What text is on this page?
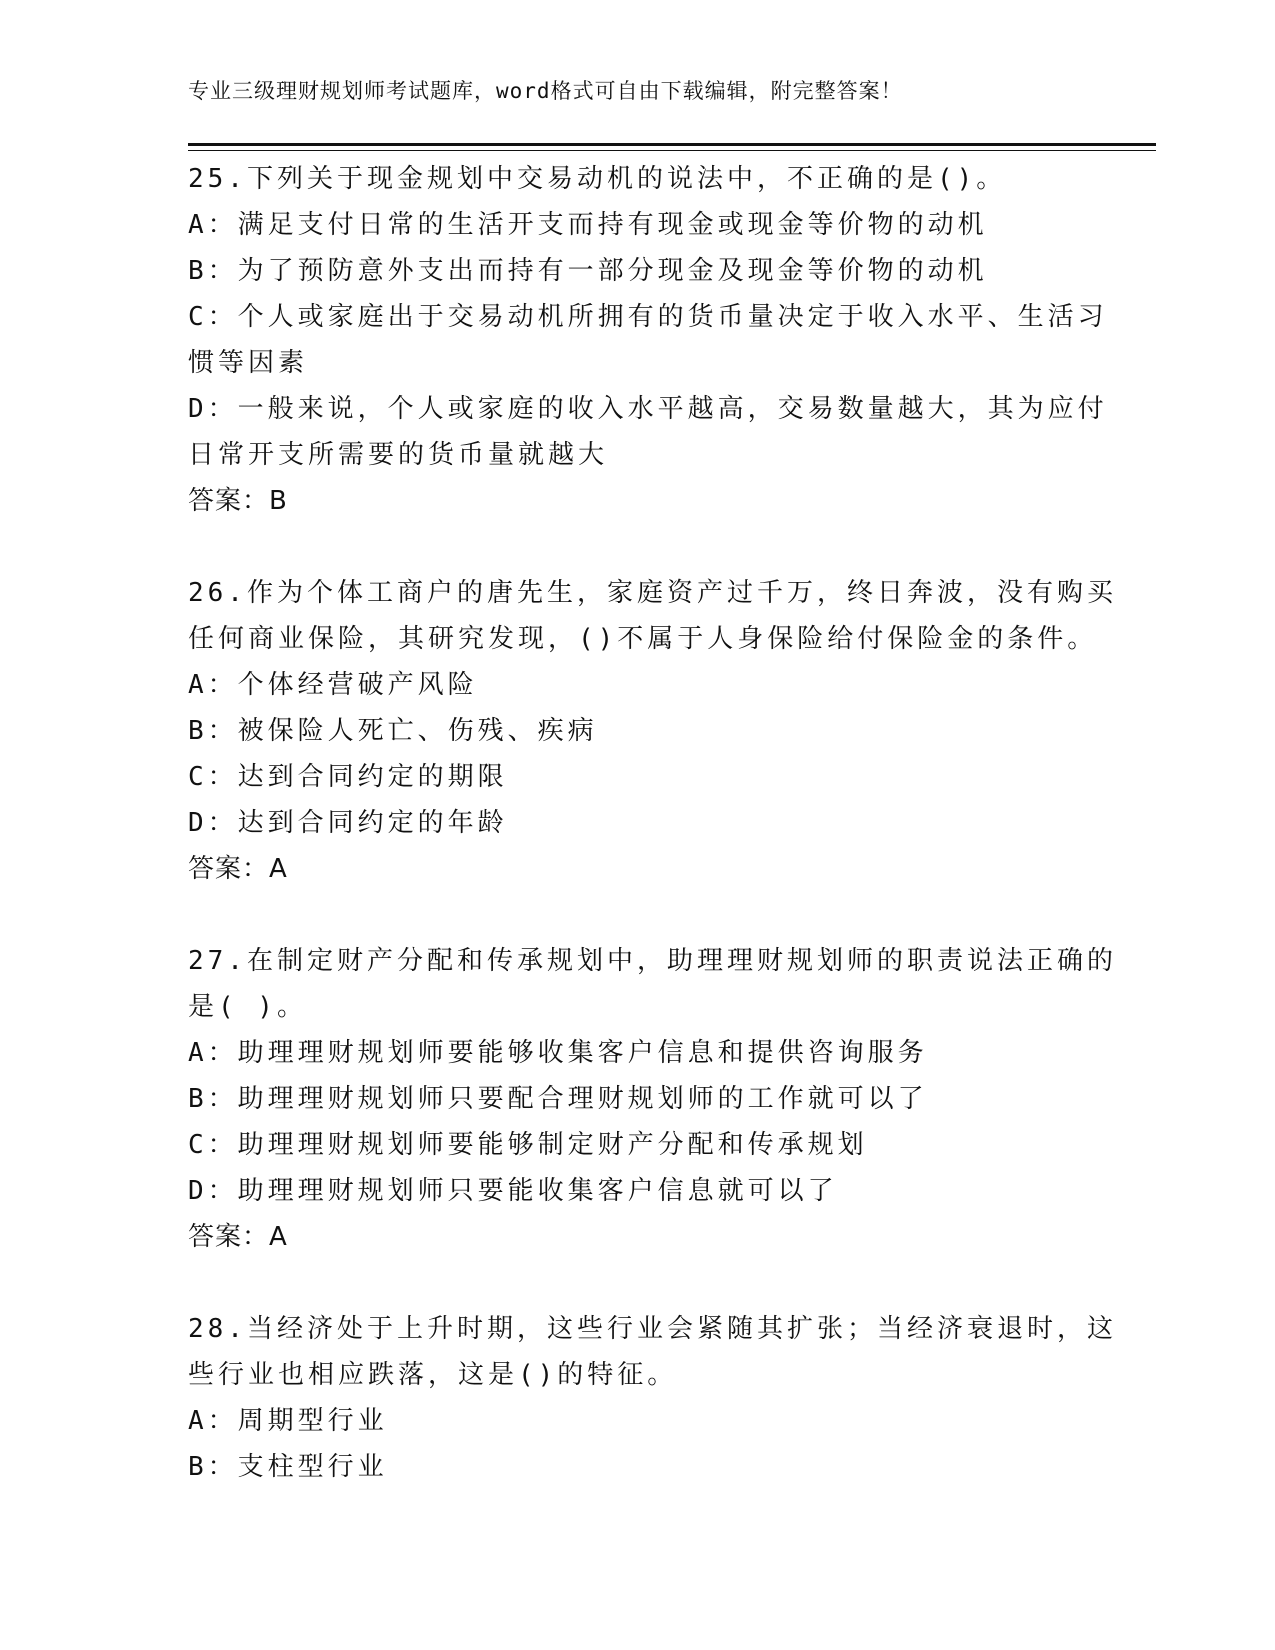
专业三级理财规划师考试题库，word格式可自由下载编辑，附完整答案！
25.下列关于现金规划中交易动机的说法中，不正确的是()。
A：满足支付日常的生活开支而持有现金或现金等价物的动机
B：为了预防意外支出而持有一部分现金及现金等价物的动机
C：个人或家庭出于交易动机所拥有的货币量决定于收入水平、生活习
惯等因素
D：一般来说，个人或家庭的收入水平越高，交易数量越大，其为应付
日常开支所需要的货币量就越大
答案：B
26.作为个体工商户的唐先生，家庭资产过千万，终日奔波，没有购买
任何商业保险，其研究发现，()不属于人身保险给付保险金的条件。
A：个体经营破产风险
B：被保险人死亡、伤残、疾病
C：达到合同约定的期限
D：达到合同约定的年龄
答案：A
27.在制定财产分配和传承规划中，助理理财规划师的职责说法正确的
是( )。
A：助理理财规划师要能够收集客户信息和提供咨询服务
B：助理理财规划师只要配合理财规划师的工作就可以了
C：助理理财规划师要能够制定财产分配和传承规划
D：助理理财规划师只要能收集客户信息就可以了
答案：A
28.当经济处于上升时期，这些行业会紧随其扩张；当经济衰退时，这
些行业也相应跌落，这是()的特征。
A：周期型行业
B：支柱型行业
